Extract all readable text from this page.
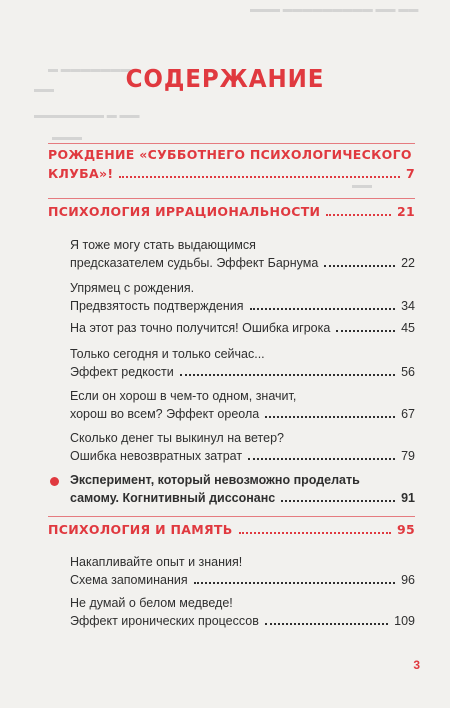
▬▬▬ ▬▬▬▬▬▬▬▬▬ ▬▬ ▬▬
▬ ▬▬▬▬▬▬▬
▬▬
▬▬▬▬▬▬▬ ▬ ▬▬
▬▬▬
▬▬
СОДЕРЖАНИЕ
РОЖДЕНИЕ «СУББОТНЕГО ПСИХОЛОГИЧЕСКОГО
КЛУБА»!	7
ПСИХОЛОГИЯ ИРРАЦИОНАЛЬНОСТИ	21
Я тоже могу стать выдающимся
предсказателем судьбы. Эффект Барнума	22
Упрямец с рождения.
Предвзятость подтверждения	34
На этот раз точно получится! Ошибка игрока	45
Только сегодня и только сейчас...
Эффект редкости	56
Если он хорош в чем-то одном, значит,
хорош во всем? Эффект ореола	67
Сколько денег ты выкинул на ветер?
Ошибка невозвратных затрат	79
Эксперимент, который невозможно проделать
самому. Когнитивный диссонанс	91
ПСИХОЛОГИЯ И ПАМЯТЬ	95
Накапливайте опыт и знания!
Схема запоминания	96
Не думай о белом медведе!
Эффект иронических процессов	109
3
